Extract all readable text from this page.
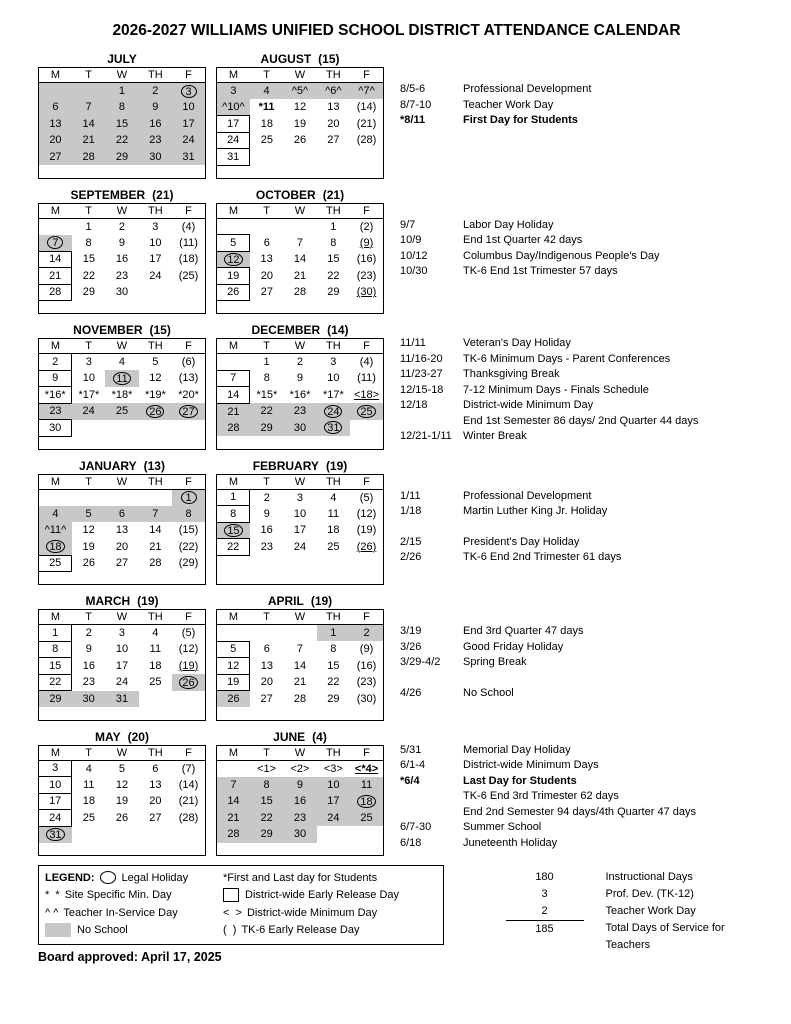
2026-2027 WILLIAMS UNIFIED SCHOOL DISTRICT ATTENDANCE CALENDAR
JULY
M	T	W	TH	F
		1	2	3
6	7	8	9	10
13	14	15	16	17
20	21	22	23	24
27	28	29	30	31

AUGUST (15)
M	T	W	TH	F
3	4	^5^	^6^	^7^
^10^	*11	12	13	(14)
17	18	19	20	(21)
24	25	26	27	(28)
31				

8/5-6	Professional Development
8/7-10	Teacher Work Day
*8/11	First Day for Students
SEPTEMBER (21)
M	T	W	TH	F
	1	2	3	(4)
7	8	9	10	(11)
14	15	16	17	(18)
21	22	23	24	(25)
28	29	30		

OCTOBER (21)
M	T	W	TH	F
			1	(2)
5	6	7	8	(9)
12	13	14	15	(16)
19	20	21	22	(23)
26	27	28	29	(30)

9/7	Labor Day Holiday
10/9	End 1st Quarter 42 days
10/12	Columbus Day/Indigenous People's Day
10/30	TK-6 End 1st Trimester 57 days
NOVEMBER (15)
M	T	W	TH	F
2	3	4	5	(6)
9	10	11	12	(13)
*16*	*17*	*18*	*19*	*20*
23	24	25	26	27
30				

DECEMBER (14)
M	T	W	TH	F
	1	2	3	(4)
7	8	9	10	(11)
14	*15*	*16*	*17*	<18>
21	22	23	24	25
28	29	30	31	

11/11	Veteran's Day Holiday
11/16-20	TK-6 Minimum Days - Parent Conferences
11/23-27	Thanksgiving Break
12/15-18	7-12 Minimum Days - Finals Schedule
12/18	District-wide Minimum Day
End 1st Semester 86 days/ 2nd Quarter 44 days
12/21-1/11	Winter Break
JANUARY (13)
M	T	W	TH	F
				1
4	5	6	7	8
^11^	12	13	14	(15)
18	19	20	21	(22)
25	26	27	28	(29)

FEBRUARY (19)
M	T	W	TH	F
1	2	3	4	(5)
8	9	10	11	(12)
15	16	17	18	(19)
22	23	24	25	(26)

1/11	Professional Development
1/18	Martin Luther King Jr. Holiday
2/15	President's Day Holiday
2/26	TK-6 End 2nd Trimester 61 days
MARCH (19)
M	T	W	TH	F
1	2	3	4	(5)
8	9	10	11	(12)
15	16	17	18	(19)
22	23	24	25	26
29	30	31		

APRIL (19)
M	T	W	TH	F
			1	2
5	6	7	8	(9)
12	13	14	15	(16)
19	20	21	22	(23)
26	27	28	29	(30)

3/19	End 3rd Quarter 47 days
3/26	Good Friday Holiday
3/29-4/2	Spring Break
4/26	No School
MAY (20)
M	T	W	TH	F
3	4	5	6	(7)
10	11	12	13	(14)
17	18	19	20	(21)
24	25	26	27	(28)
31				

JUNE (4)
M	T	W	TH	F
	<1>	<2>	<3>	<*4>
7	8	9	10	11
14	15	16	17	18
21	22	23	24	25
28	29	30		

5/31	Memorial Day Holiday
6/1-4	District-wide Minimum Days
*6/4	Last Day for Students
TK-6 End 3rd Trimester 62 days
End 2nd Semester 94 days/4th Quarter 47 days
6/7-30	Summer School
6/18	Juneteenth Holiday
LEGEND: Legal Holiday	*First and Last day for Students
*  * Site Specific Min. Day	District-wide Early Release Day
^ ^ Teacher In-Service Day	<  > District-wide Minimum Day
No School	(  ) TK-6 Early Release Day
Board approved: April 17, 2025
180	Instructional Days
3	Prof. Dev. (TK-12)
2	Teacher Work Day
185	Total Days of Service for Teachers
